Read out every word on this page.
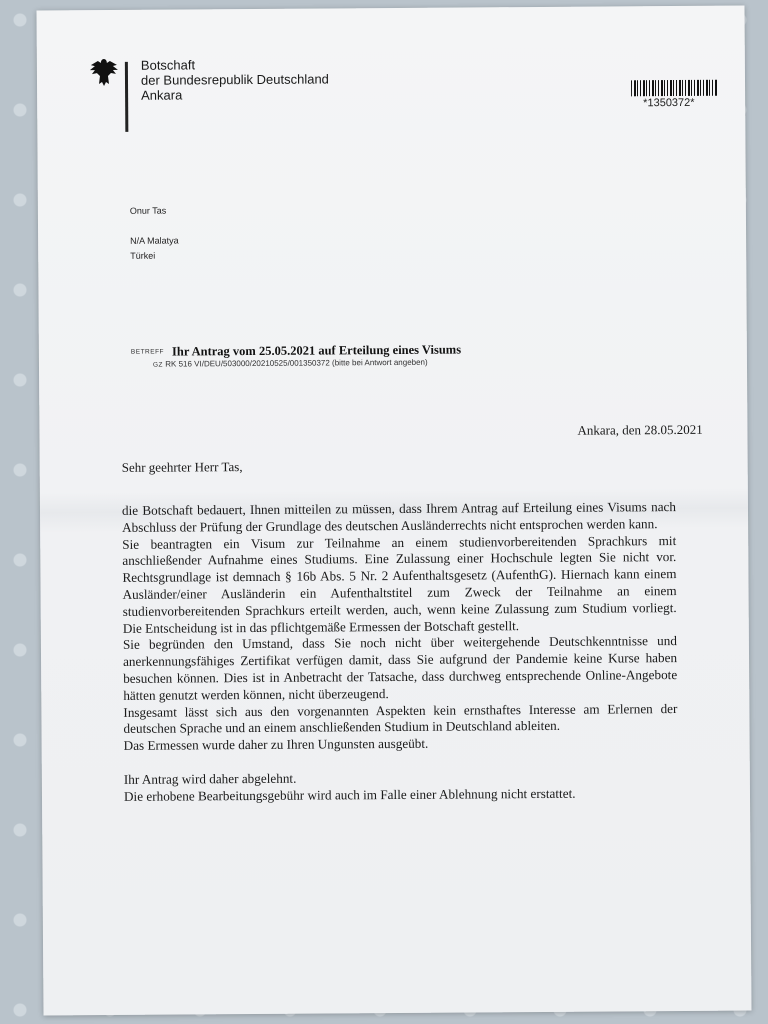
Botschaft
der Bundesrepublik Deutschland
Ankara
*1350372*
Onur Tas
N/A Malatya
Türkei
BETREFF Ihr Antrag vom 25.05.2021 auf Erteilung eines Visums
GZ RK 516 VI/DEU/503000/20210525/001350372 (bitte bei Antwort angeben)
Ankara, den 28.05.2021
Sehr geehrter Herr Tas,

die Botschaft bedauert, Ihnen mitteilen zu müssen, dass Ihrem Antrag auf Erteilung eines Visums nach Abschluss der Prüfung der Grundlage des deutschen Ausländerrechts nicht entsprochen werden kann.

Sie beantragten ein Visum zur Teilnahme an einem studienvorbereitenden Sprachkurs mit anschließender Aufnahme eines Studiums. Eine Zulassung einer Hochschule legten Sie nicht vor. Rechtsgrundlage ist demnach § 16b Abs. 5 Nr. 2 Aufenthaltsgesetz (AufenthG). Hiernach kann einem Ausländer/einer Ausländerin ein Aufenthaltstitel zum Zweck der Teilnahme an einem studienvorbereitenden Sprachkurs erteilt werden, auch, wenn keine Zulassung zum Studium vorliegt. Die Entscheidung ist in das pflichtgemäße Ermessen der Botschaft gestellt.

Sie begründen den Umstand, dass Sie noch nicht über weitergehende Deutschkenntnisse und anerkennungsfähiges Zertifikat verfügen damit, dass Sie aufgrund der Pandemie keine Kurse haben besuchen können. Dies ist in Anbetracht der Tatsache, dass durchweg entsprechende Online-Angebote hätten genutzt werden können, nicht überzeugend.

Insgesamt lässt sich aus den vorgenannten Aspekten kein ernsthaftes Interesse am Erlernen der deutschen Sprache und an einem anschließenden Studium in Deutschland ableiten.

Das Ermessen wurde daher zu Ihren Ungunsten ausgeübt.

Ihr Antrag wird daher abgelehnt.

Die erhobene Bearbeitungsgebühr wird auch im Falle einer Ablehnung nicht erstattet.
